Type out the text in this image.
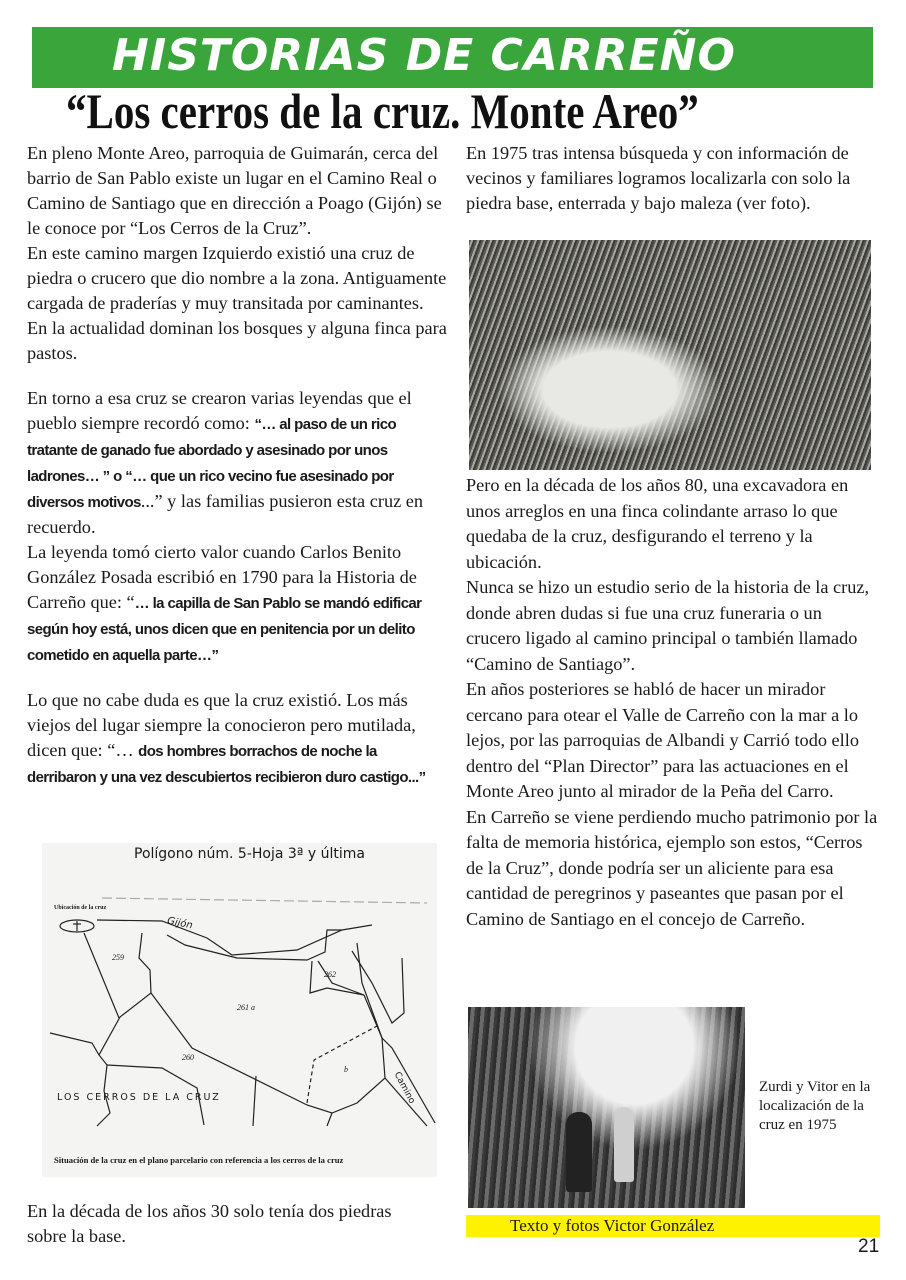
HISTORIAS DE CARREÑO
“Los cerros de la cruz. Monte Areo”

En pleno Monte Areo, parroquia de Guimarán, cerca del barrio de San Pablo existe un lugar en el Camino Real o Camino de Santiago que en dirección a Poago (Gijón) se le conoce por “Los Cerros de la Cruz”.

En este camino margen Izquierdo existió una cruz de piedra o crucero que dio nombre a la zona. Antiguamente cargada de praderías y muy transitada por caminantes. En la actualidad dominan los bosques y alguna finca para pastos.

En torno a esa cruz se crearon varias leyendas que el pueblo siempre recordó como: “… al paso de un rico tratante de ganado fue abordado y asesinado por unos ladrones… ” o “… que un rico vecino fue asesinado por diversos motivos...” y las familias pusieron esta cruz en recuerdo.

La leyenda tomó cierto valor cuando Carlos Benito González Posada escribió en 1790 para la Historia de Carreño que: “… la capilla de San Pablo se mandó edificar según hoy está, unos dicen que en penitencia por un delito cometido en aquella parte…”

Lo que no cabe duda es que la cruz existió. Los más viejos del lugar siempre la conocieron pero mutilada, dicen que: “… dos hombres borrachos de noche la derribaron y una vez descubiertos recibieron duro castigo...”

Polígono núm. 5-Hoja 3ª y última
Ubicación de la cruz
Gijón
Camino
259
262
261 a
260
b
LOS CERROS DE LA CRUZ
Situación de la cruz en el plano parcelario con referencia a los cerros de la cruz

En la década de los años 30 solo tenía dos piedras sobre la base.

En 1975 tras intensa búsqueda y con información de vecinos y familiares logramos localizarla con solo la piedra base, enterrada y bajo maleza (ver foto).

Pero en la década de los años 80, una excavadora en unos arreglos en una finca colindante arraso lo que quedaba de la cruz, desfigurando el terreno y la ubicación.

Nunca se hizo un estudio serio de la historia de la cruz, donde abren dudas si fue una cruz funeraria o un crucero ligado al camino principal o también llamado “Camino de Santiago”.

En años posteriores se habló de hacer un mirador cercano para otear el Valle de Carreño con la mar a lo lejos, por las parroquias de Albandi y Carrió todo ello dentro del “Plan Director” para las actuaciones en el Monte Areo junto al mirador de la Peña del Carro.

En Carreño se viene perdiendo mucho patrimonio por la falta de memoria histórica, ejemplo son estos, “Cerros de la Cruz”, donde podría ser un aliciente para esa cantidad de peregrinos y paseantes que pasan por el Camino de Santiago en el concejo de Carreño.

Zurdi y Vitor en la localización de la cruz en 1975
Texto y fotos Victor González
21
